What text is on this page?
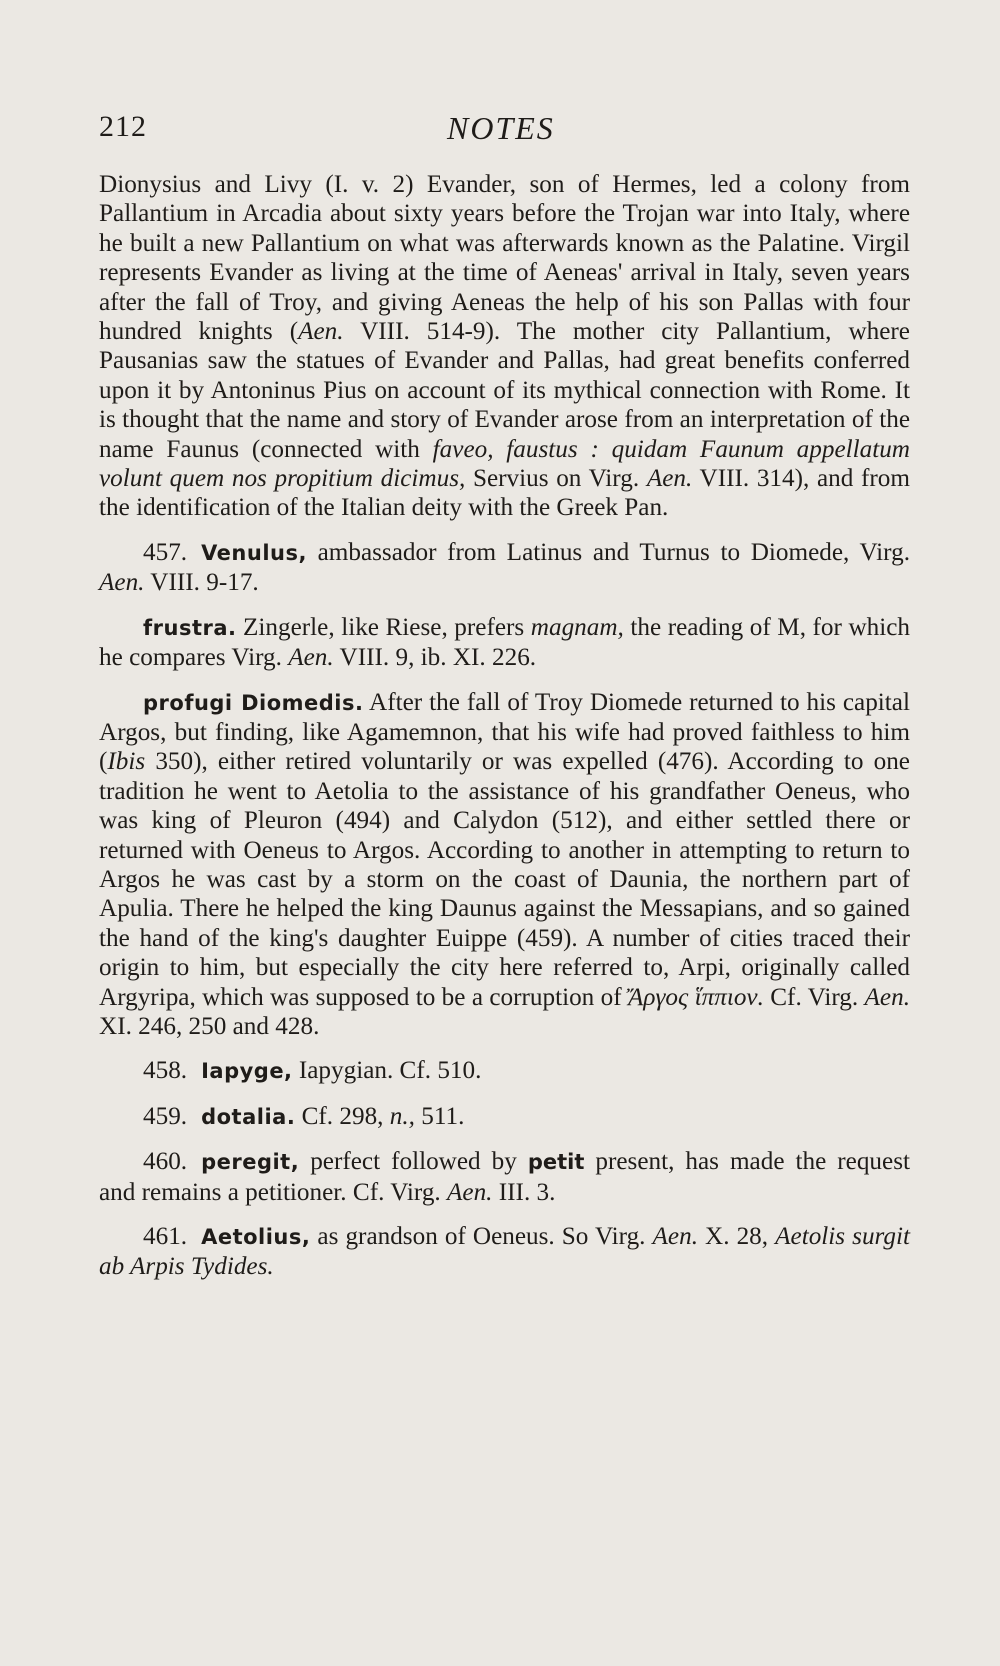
212	NOTES

Dionysius and Livy (I. v. 2) Evander, son of Hermes, led a colony from Pallantium in Arcadia about sixty years before the Trojan war into Italy, where he built a new Pallantium on what was afterwards known as the Palatine. Virgil represents Evander as living at the time of Aeneas' arrival in Italy, seven years after the fall of Troy, and giving Aeneas the help of his son Pallas with four hundred knights (Aen. VIII. 514-9). The mother city Pallantium, where Pausanias saw the statues of Evander and Pallas, had great benefits conferred upon it by Antoninus Pius on account of its mythical connection with Rome. It is thought that the name and story of Evander arose from an interpretation of the name Faunus (connected with faveo, faustus : quidam Faunum appellatum volunt quem nos propitium dicimus, Servius on Virg. Aen. VIII. 314), and from the identification of the Italian deity with the Greek Pan.

457. Venulus, ambassador from Latinus and Turnus to Diomede, Virg. Aen. VIII. 9-17.

frustra. Zingerle, like Riese, prefers magnam, the reading of M, for which he compares Virg. Aen. VIII. 9, ib. XI. 226.

profugi Diomedis. After the fall of Troy Diomede returned to his capital Argos, but finding, like Agamemnon, that his wife had proved faithless to him (Ibis 350), either retired voluntarily or was expelled (476). According to one tradition he went to Aetolia to the assistance of his grandfather Oeneus, who was king of Pleuron (494) and Calydon (512), and either settled there or returned with Oeneus to Argos. According to another in attempting to return to Argos he was cast by a storm on the coast of Daunia, the northern part of Apulia. There he helped the king Daunus against the Messapians, and so gained the hand of the king's daughter Euippe (459). A number of cities traced their origin to him, but especially the city here referred to, Arpi, originally called Argyripa, which was supposed to be a corruption of Ἄργος ἵππιον. Cf. Virg. Aen. XI. 246, 250 and 428.

458. Iapyge, Iapygian. Cf. 510.

459. dotalia. Cf. 298, n., 511.

460. peregit, perfect followed by petit present, has made the request and remains a petitioner. Cf. Virg. Aen. III. 3.

461. Aetolius, as grandson of Oeneus. So Virg. Aen. X. 28, Aetolis surgit ab Arpis Tydides.
